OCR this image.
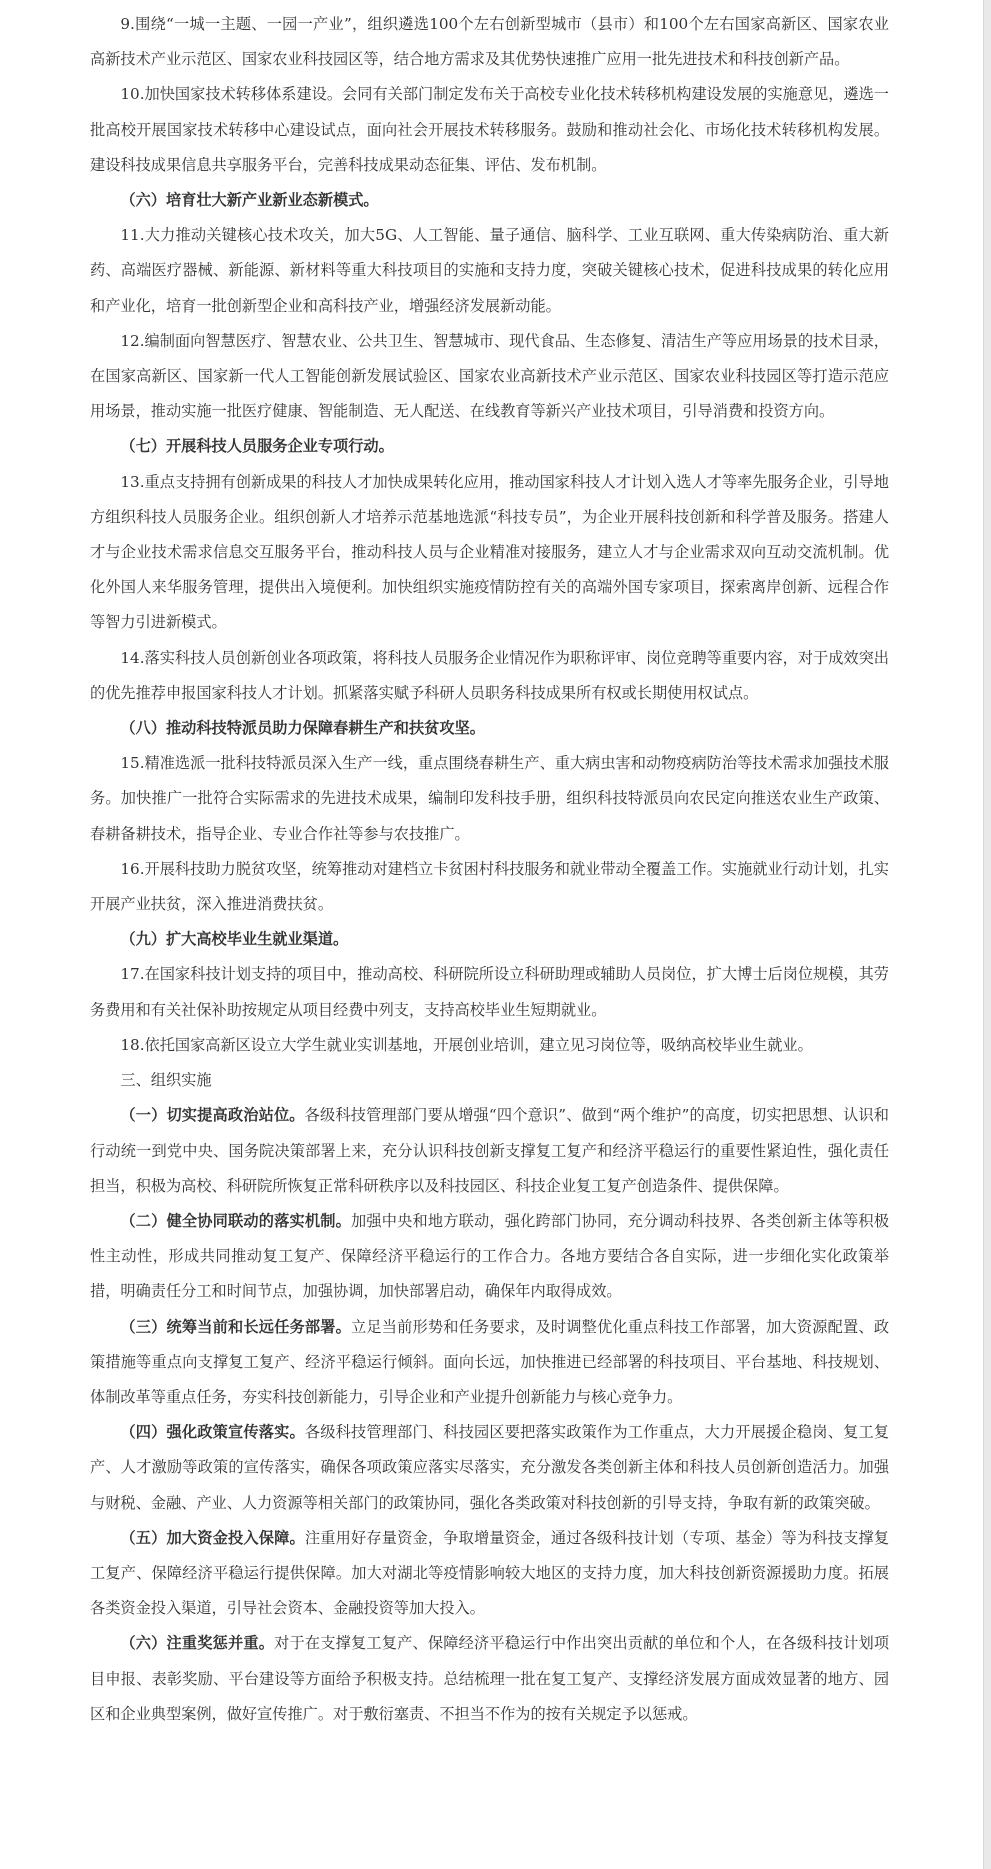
9.围绕“一城一主题、一园一产业”，组织遴选100个左右创新型城市（县市）和100个左右国家高新区、国家农业高新技术产业示范区、国家农业科技园区等，结合地方需求及其优势快速推广应用一批先进技术和科技创新产品。

10.加快国家技术转移体系建设。会同有关部门制定发布关于高校专业化技术转移机构建设发展的实施意见，遴选一批高校开展国家技术转移中心建设试点，面向社会开展技术转移服务。鼓励和推动社会化、市场化技术转移机构发展。建设科技成果信息共享服务平台，完善科技成果动态征集、评估、发布机制。

（六）培育壮大新产业新业态新模式。

11.大力推动关键核心技术攻关，加大5G、人工智能、量子通信、脑科学、工业互联网、重大传染病防治、重大新药、高端医疗器械、新能源、新材料等重大科技项目的实施和支持力度，突破关键核心技术，促进科技成果的转化应用和产业化，培育一批创新型企业和高科技产业，增强经济发展新动能。

12.编制面向智慧医疗、智慧农业、公共卫生、智慧城市、现代食品、生态修复、清洁生产等应用场景的技术目录，在国家高新区、国家新一代人工智能创新发展试验区、国家农业高新技术产业示范区、国家农业科技园区等打造示范应用场景，推动实施一批医疗健康、智能制造、无人配送、在线教育等新兴产业技术项目，引导消费和投资方向。

（七）开展科技人员服务企业专项行动。

13.重点支持拥有创新成果的科技人才加快成果转化应用，推动国家科技人才计划入选人才等率先服务企业，引导地方组织科技人员服务企业。组织创新人才培养示范基地选派“科技专员”，为企业开展科技创新和科学普及服务。搭建人才与企业技术需求信息交互服务平台，推动科技人员与企业精准对接服务，建立人才与企业需求双向互动交流机制。优化外国人来华服务管理，提供出入境便利。加快组织实施疫情防控有关的高端外国专家项目，探索离岸创新、远程合作等智力引进新模式。

14.落实科技人员创新创业各项政策，将科技人员服务企业情况作为职称评审、岗位竞聘等重要内容，对于成效突出的优先推荐申报国家科技人才计划。抓紧落实赋予科研人员职务科技成果所有权或长期使用权试点。

（八）推动科技特派员助力保障春耕生产和扶贫攻坚。

15.精准选派一批科技特派员深入生产一线，重点围绕春耕生产、重大病虫害和动物疫病防治等技术需求加强技术服务。加快推广一批符合实际需求的先进技术成果，编制印发科技手册，组织科技特派员向农民定向推送农业生产政策、春耕备耕技术，指导企业、专业合作社等参与农技推广。

16.开展科技助力脱贫攻坚，统筹推动对建档立卡贫困村科技服务和就业带动全覆盖工作。实施就业行动计划，扎实开展产业扶贫，深入推进消费扶贫。

（九）扩大高校毕业生就业渠道。

17.在国家科技计划支持的项目中，推动高校、科研院所设立科研助理或辅助人员岗位，扩大博士后岗位规模，其劳务费用和有关社保补助按规定从项目经费中列支，支持高校毕业生短期就业。

18.依托国家高新区设立大学生就业实训基地，开展创业培训，建立见习岗位等，吸纳高校毕业生就业。

三、组织实施

（一）切实提高政治站位。各级科技管理部门要从增强“四个意识”、做到“两个维护”的高度，切实把思想、认识和行动统一到党中央、国务院决策部署上来，充分认识科技创新支撑复工复产和经济平稳运行的重要性紧迫性，强化责任担当，积极为高校、科研院所恢复正常科研秩序以及科技园区、科技企业复工复产创造条件、提供保障。

（二）健全协同联动的落实机制。加强中央和地方联动，强化跨部门协同，充分调动科技界、各类创新主体等积极性主动性，形成共同推动复工复产、保障经济平稳运行的工作合力。各地方要结合各自实际，进一步细化实化政策举措，明确责任分工和时间节点，加强协调，加快部署启动，确保年内取得成效。

（三）统筹当前和长远任务部署。立足当前形势和任务要求，及时调整优化重点科技工作部署，加大资源配置、政策措施等重点向支撑复工复产、经济平稳运行倾斜。面向长远，加快推进已经部署的科技项目、平台基地、科技规划、体制改革等重点任务，夯实科技创新能力，引导企业和产业提升创新能力与核心竞争力。

（四）强化政策宣传落实。各级科技管理部门、科技园区要把落实政策作为工作重点，大力开展援企稳岗、复工复产、人才激励等政策的宣传落实，确保各项政策应落实尽落实，充分激发各类创新主体和科技人员创新创造活力。加强与财税、金融、产业、人力资源等相关部门的政策协同，强化各类政策对科技创新的引导支持，争取有新的政策突破。

（五）加大资金投入保障。注重用好存量资金，争取增量资金，通过各级科技计划（专项、基金）等为科技支撑复工复产、保障经济平稳运行提供保障。加大对湖北等疫情影响较大地区的支持力度，加大科技创新资源援助力度。拓展各类资金投入渠道，引导社会资本、金融投资等加大投入。

（六）注重奖惩并重。对于在支撑复工复产、保障经济平稳运行中作出突出贡献的单位和个人，在各级科技计划项目申报、表彰奖励、平台建设等方面给予积极支持。总结梳理一批在复工复产、支撑经济发展方面成效显著的地方、园区和企业典型案例，做好宣传推广。对于敷衍塞责、不担当不作为的按有关规定予以惩戒。
